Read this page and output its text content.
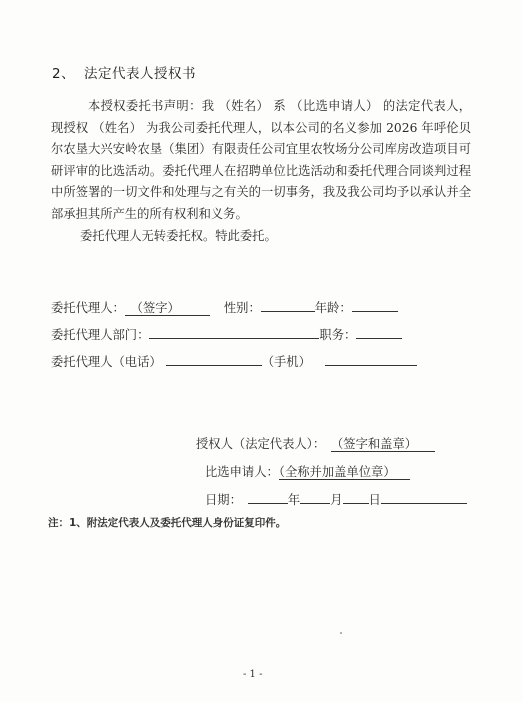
2、 法定代表人授权书

本授权委托书声明：我 （姓名） 系 （比选申请人） 的法定代表人，现授权 （姓名） 为我公司委托代理人，以本公司的名义参加 2026 年呼伦贝尔农垦大兴安岭农垦（集团）有限责任公司宜里农牧场分公司库房改造项目可研评审的比选活动。委托代理人在招聘单位比选活动和委托代理合同谈判过程中所签署的一切文件和处理与之有关的一切事务，我及我公司均予以承认并全部承担其所产生的所有权利和义务。

委托代理人无转委托权。特此委托。

委托代理人： （签字）	性别：	年龄：
委托代理人部门：	职务：
委托代理人（电话）	（手机）
授权人（法定代表人）： （签字和盖章）
比选申请人：（全称并加盖单位章）
日期：	年 月 日
注：1、附法定代表人及委托代理人身份证复印件。
- 1 -
